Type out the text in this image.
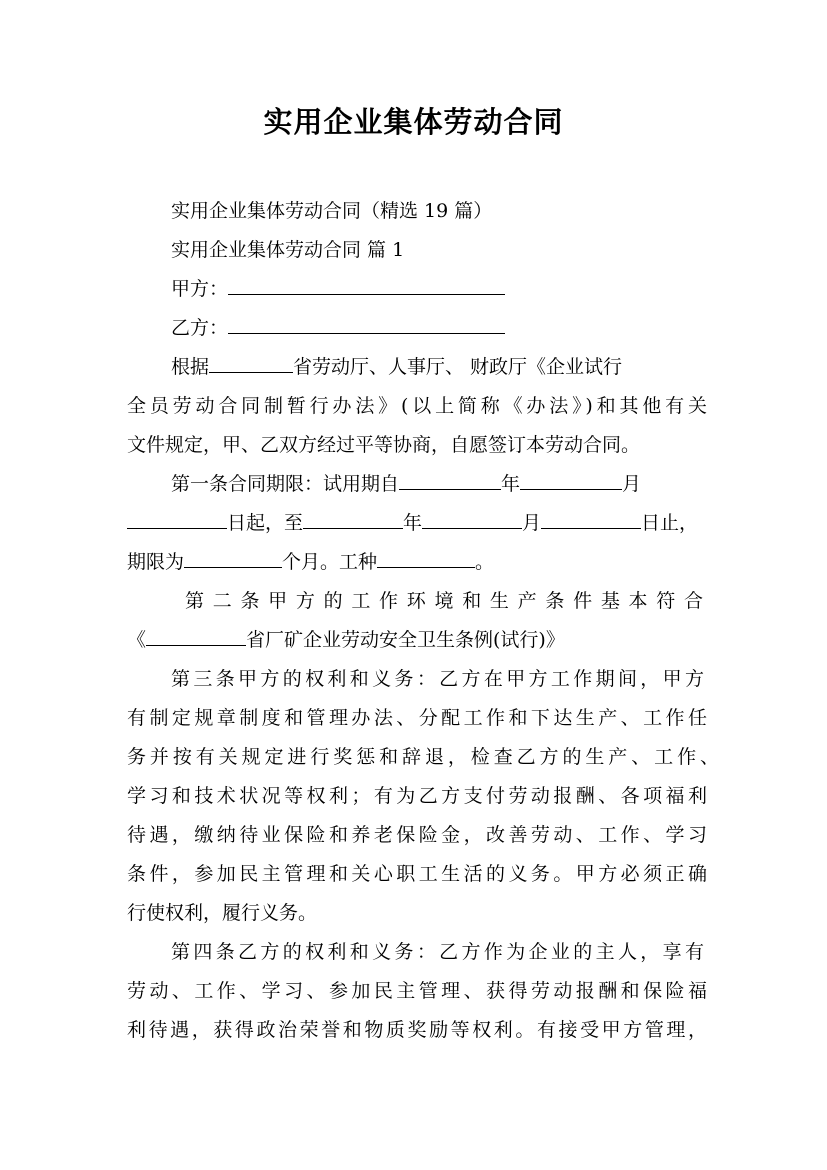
实用企业集体劳动合同
实用企业集体劳动合同（精选 19 篇）
实用企业集体劳动合同 篇 1
甲方：
乙方：
根据	省劳动厅、人事厅、 财政厅《企业试行
全员劳动合同制暂行办法》(以上简称《办法》)和其他有关
文件规定，甲、乙双方经过平等协商，自愿签订本劳动合同。
第一条合同期限：试用期自	年	月
日起，至	年	月	日止，
期限为	个月。工种	。
第二条甲方的工作环境和生产条件基本符合
《	省厂矿企业劳动安全卫生条例(试行)》
第三条甲方的权利和义务：乙方在甲方工作期间，甲方
有制定规章制度和管理办法、分配工作和下达生产、工作任
务并按有关规定进行奖惩和辞退，检查乙方的生产、工作、
学习和技术状况等权利；有为乙方支付劳动报酬、各项福利
待遇，缴纳待业保险和养老保险金，改善劳动、工作、学习
条件，参加民主管理和关心职工生活的义务。甲方必须正确
行使权利，履行义务。
第四条乙方的权利和义务：乙方作为企业的主人，享有
劳动、工作、学习、参加民主管理、获得劳动报酬和保险福
利待遇，获得政治荣誉和物质奖励等权利。有接受甲方管理，
